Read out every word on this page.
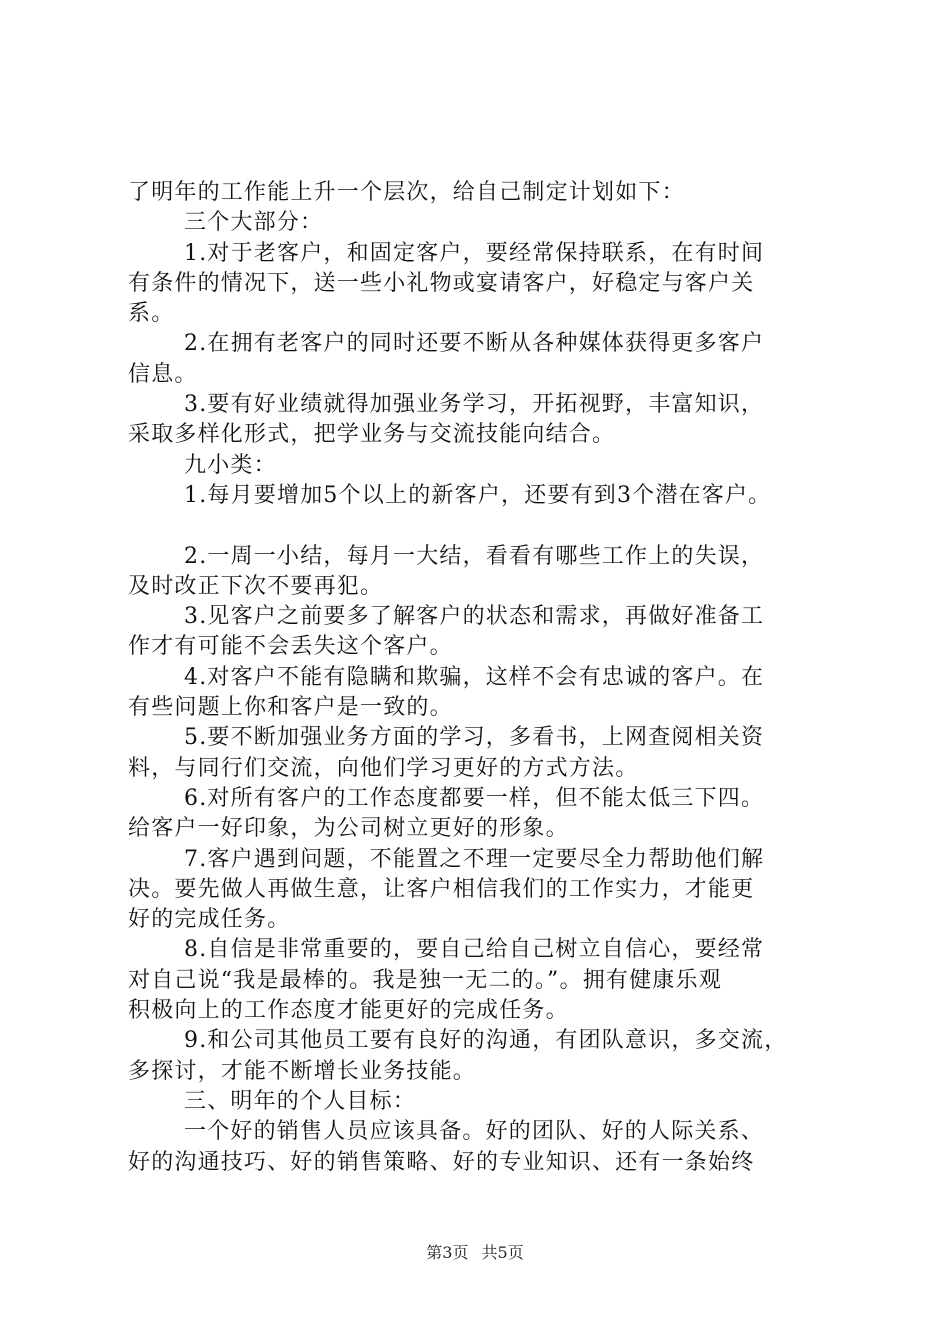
了明年的工作能上升一个层次，给自己制定计划如下：
三个大部分：
1.对于老客户，和固定客户，要经常保持联系，在有时间
有条件的情况下，送一些小礼物或宴请客户，好稳定与客户关
系。
2.在拥有老客户的同时还要不断从各种媒体获得更多客户
信息。
3.要有好业绩就得加强业务学习，开拓视野，丰富知识，
采取多样化形式，把学业务与交流技能向结合。
九小类：
1.每月要增加5个以上的新客户，还要有到3个潜在客户。
2.一周一小结，每月一大结，看看有哪些工作上的失误，
及时改正下次不要再犯。
3.见客户之前要多了解客户的状态和需求，再做好准备工
作才有可能不会丢失这个客户。
4.对客户不能有隐瞒和欺骗，这样不会有忠诚的客户。在
有些问题上你和客户是一致的。
5.要不断加强业务方面的学习，多看书，上网查阅相关资
料，与同行们交流，向他们学习更好的方式方法。
6.对所有客户的工作态度都要一样，但不能太低三下四。
给客户一好印象，为公司树立更好的形象。
7.客户遇到问题，不能置之不理一定要尽全力帮助他们解
决。要先做人再做生意，让客户相信我们的工作实力，才能更
好的完成任务。
8.自信是非常重要的，要自己给自己树立自信心，要经常
对自己说“我是最棒的。我是独一无二的。”。拥有健康乐观
积极向上的工作态度才能更好的完成任务。
9.和公司其他员工要有良好的沟通，有团队意识，多交流，
多探讨，才能不断增长业务技能。
三、明年的个人目标：
一个好的销售人员应该具备。好的团队、好的人际关系、
好的沟通技巧、好的销售策略、好的专业知识、还有一条始终
第3页 共5页
